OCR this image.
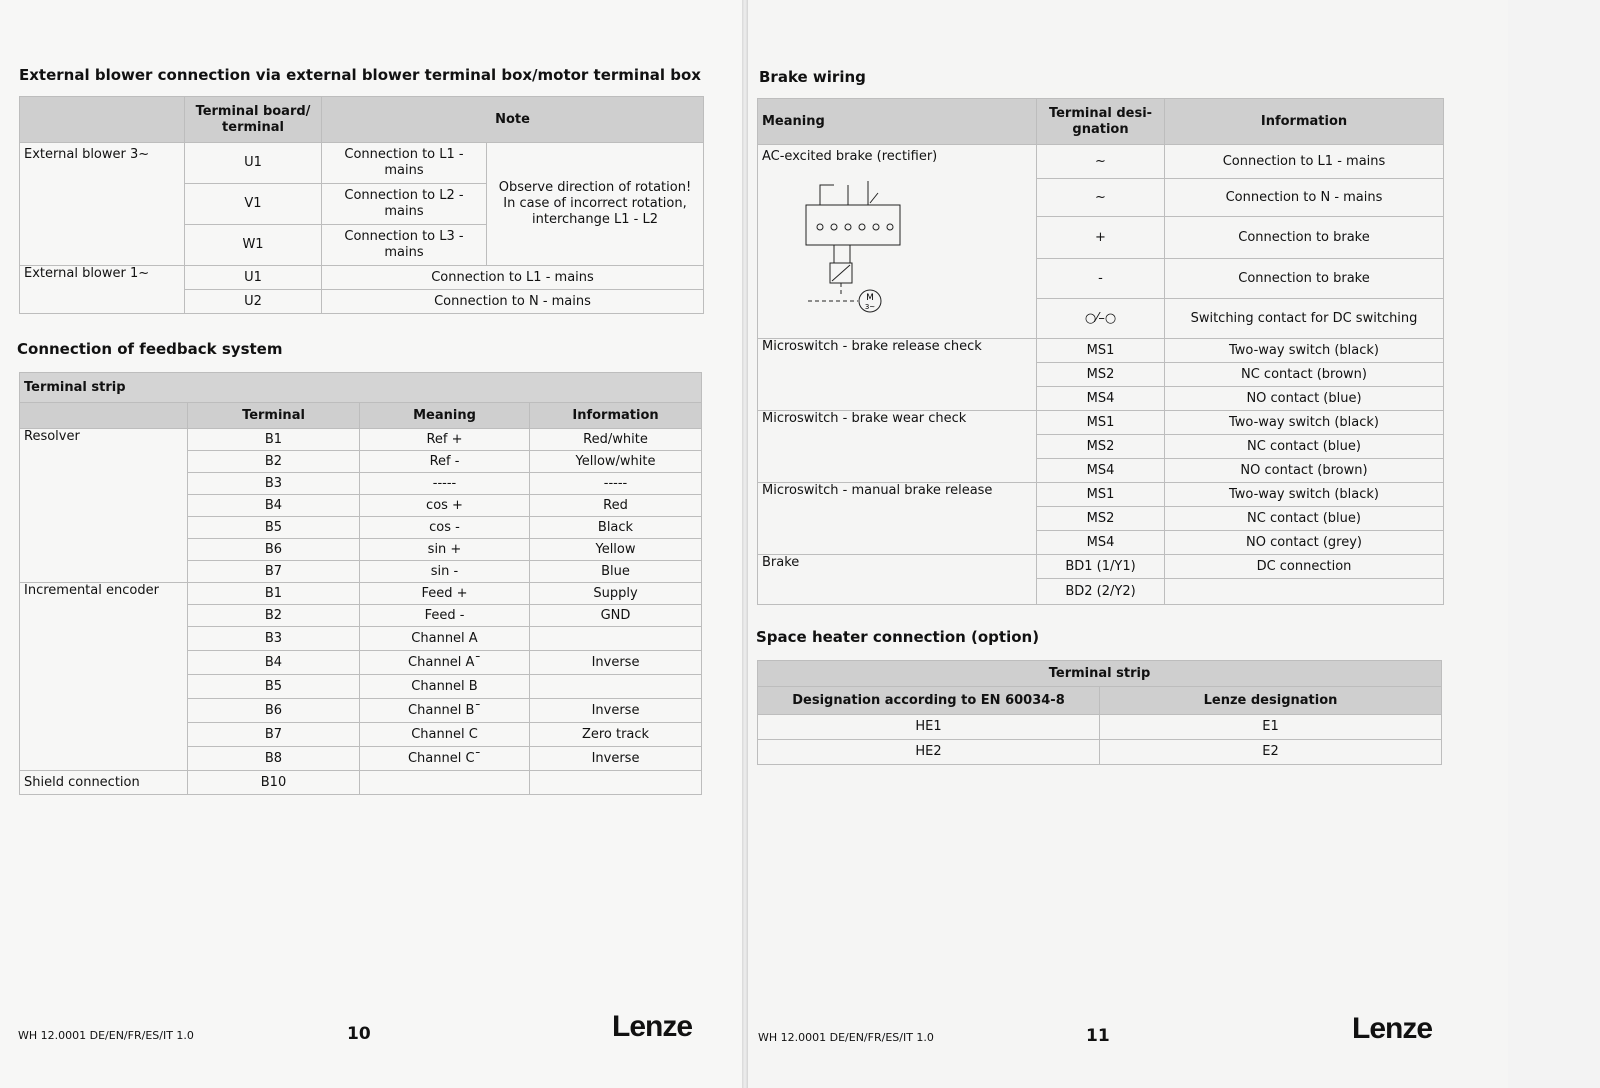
External blower connection via external blower terminal box/motor terminal box
	Terminal board/ terminal	Note	
External blower 3~	U1	Connection to L1 - mains	Observe direction of rotation! In case of incorrect rotation, interchange L1 - L2
	V1	Connection to L2 - mains	
	W1	Connection to L3 - mains	
External blower 1~	U1	Connection to L1 - mains	
	U2	Connection to N - mains	
Connection of feedback system
Terminal strip			
	Terminal	Meaning	Information
Resolver	B1	Ref +	Red/white
	B2	Ref -	Yellow/white
	B3	-----	-----
	B4	cos +	Red
	B5	cos -	Black
	B6	sin +	Yellow
	B7	sin -	Blue
Incremental encoder	B1	Feed +	Supply
	B2	Feed -	GND
	B3	Channel A	
	B4	Channel A¯	Inverse
	B5	Channel B	
	B6	Channel B¯	Inverse
	B7	Channel C	Zero track
	B8	Channel C¯	Inverse
Shield connection	B10		
WH 12.0001 DE/EN/FR/ES/IT 1.0	10	Lenze
Brake wiring
Meaning	Terminal desi- gnation	Information

AC-excited brake (rectifier)
M
3~	~	Connection to L1 - mains
	~	Connection to N - mains
	+	Connection to brake
	-	Connection to brake
	○⁄–○	Switching contact for DC switching
Microswitch - brake release check	MS1	Two-way switch (black)
	MS2	NC contact (brown)
	MS4	NO contact (blue)
Microswitch - brake wear check	MS1	Two-way switch (black)
	MS2	NC contact (blue)
	MS4	NO contact (brown)
Microswitch - manual brake release	MS1	Two-way switch (black)
	MS2	NC contact (blue)
	MS4	NO contact (grey)
Brake	BD1 (1/Y1)	DC connection
	BD2 (2/Y2)	
Space heater connection (option)
Terminal strip	
Designation according to EN 60034-8	Lenze designation
HE1	E1
HE2	E2
WH 12.0001 DE/EN/FR/ES/IT 1.0	11	Lenze
